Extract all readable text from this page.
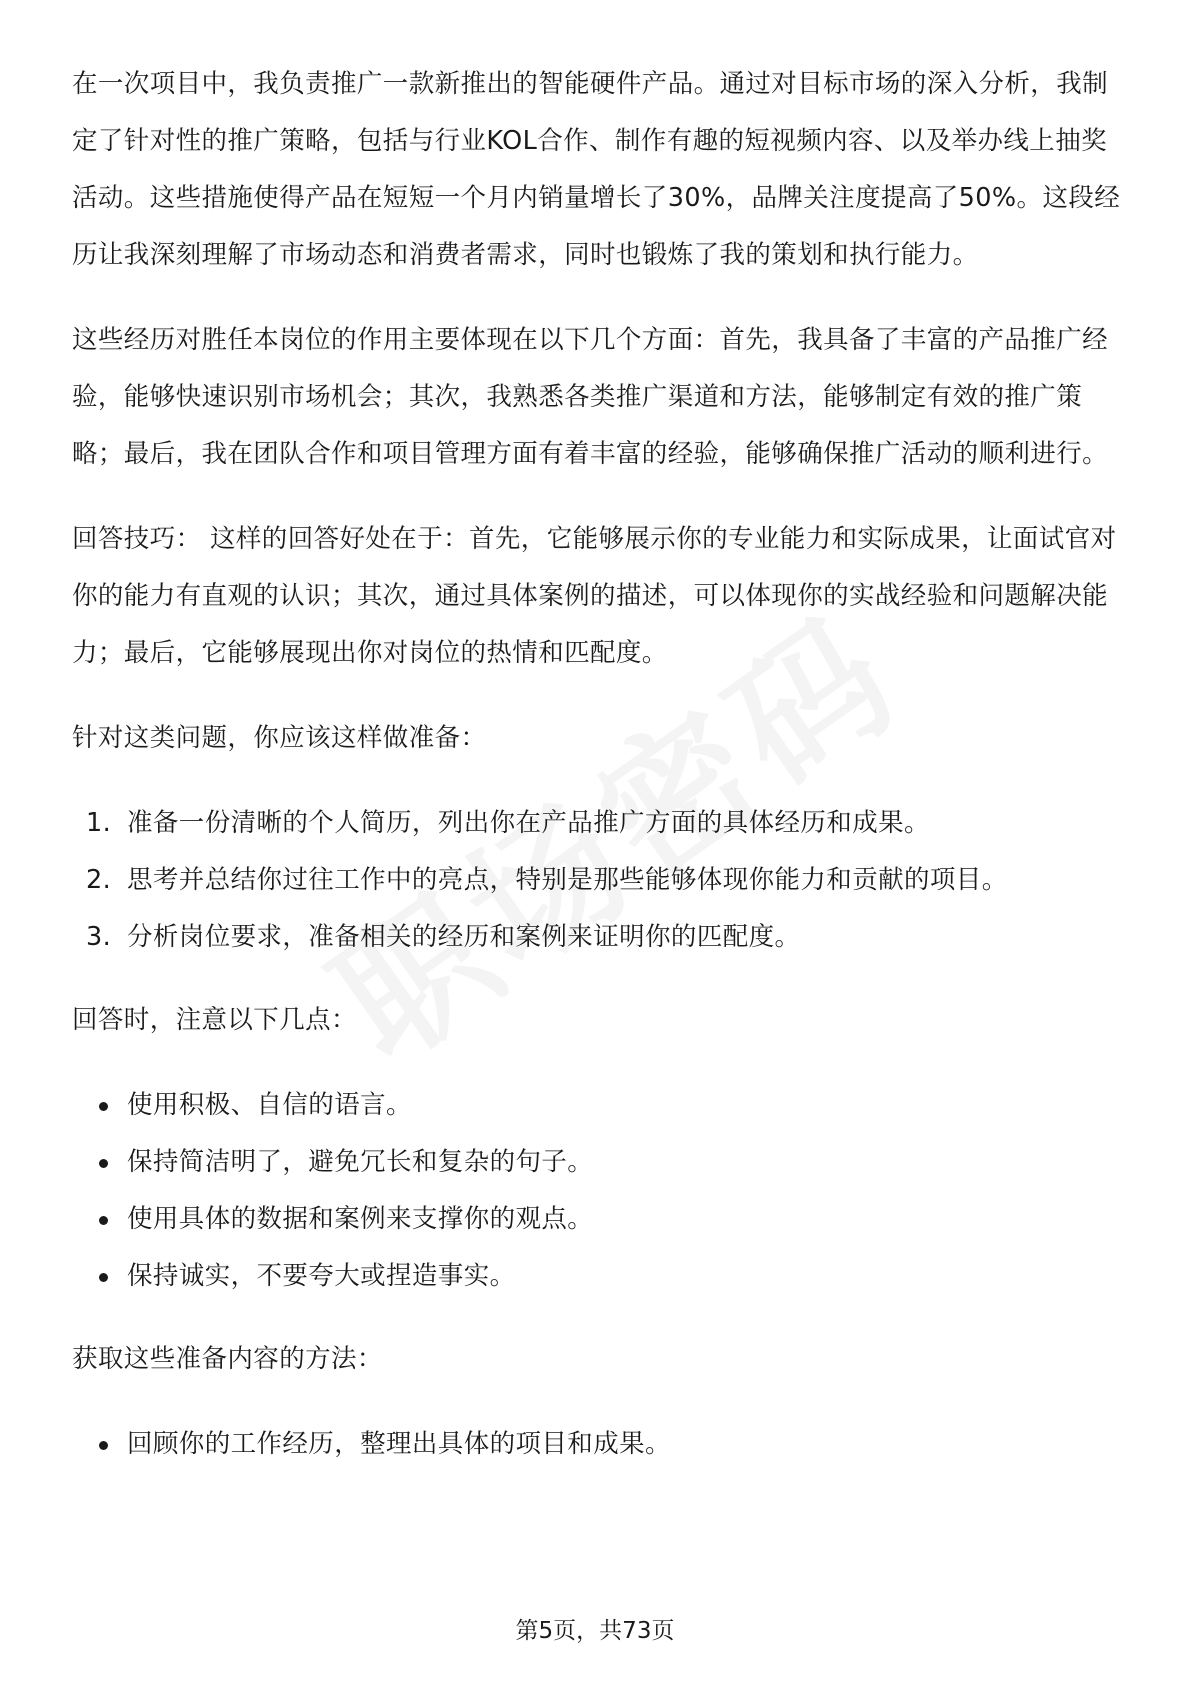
在一次项目中，我负责推广一款新推出的智能硬件产品。通过对目标市场的深入分析，我制定了针对性的推广策略，包括与行业KOL合作、制作有趣的短视频内容、以及举办线上抽奖活动。这些措施使得产品在短短一个月内销量增长了30%，品牌关注度提高了50%。这段经历让我深刻理解了市场动态和消费者需求，同时也锻炼了我的策划和执行能力。

这些经历对胜任本岗位的作用主要体现在以下几个方面：首先，我具备了丰富的产品推广经验，能够快速识别市场机会；其次，我熟悉各类推广渠道和方法，能够制定有效的推广策略；最后，我在团队合作和项目管理方面有着丰富的经验，能够确保推广活动的顺利进行。

回答技巧： 这样的回答好处在于：首先，它能够展示你的专业能力和实际成果，让面试官对你的能力有直观的认识；其次，通过具体案例的描述，可以体现你的实战经验和问题解决能力；最后，它能够展现出你对岗位的热情和匹配度。

针对这类问题，你应该这样做准备：

1. 准备一份清晰的个人简历，列出你在产品推广方面的具体经历和成果。
2. 思考并总结你过往工作中的亮点，特别是那些能够体现你能力和贡献的项目。
3. 分析岗位要求，准备相关的经历和案例来证明你的匹配度。

回答时，注意以下几点：

使用积极、自信的语言。
保持简洁明了，避免冗长和复杂的句子。
使用具体的数据和案例来支撑你的观点。
保持诚实，不要夸大或捏造事实。

获取这些准备内容的方法：

回顾你的工作经历，整理出具体的项目和成果。
第5页，共73页
